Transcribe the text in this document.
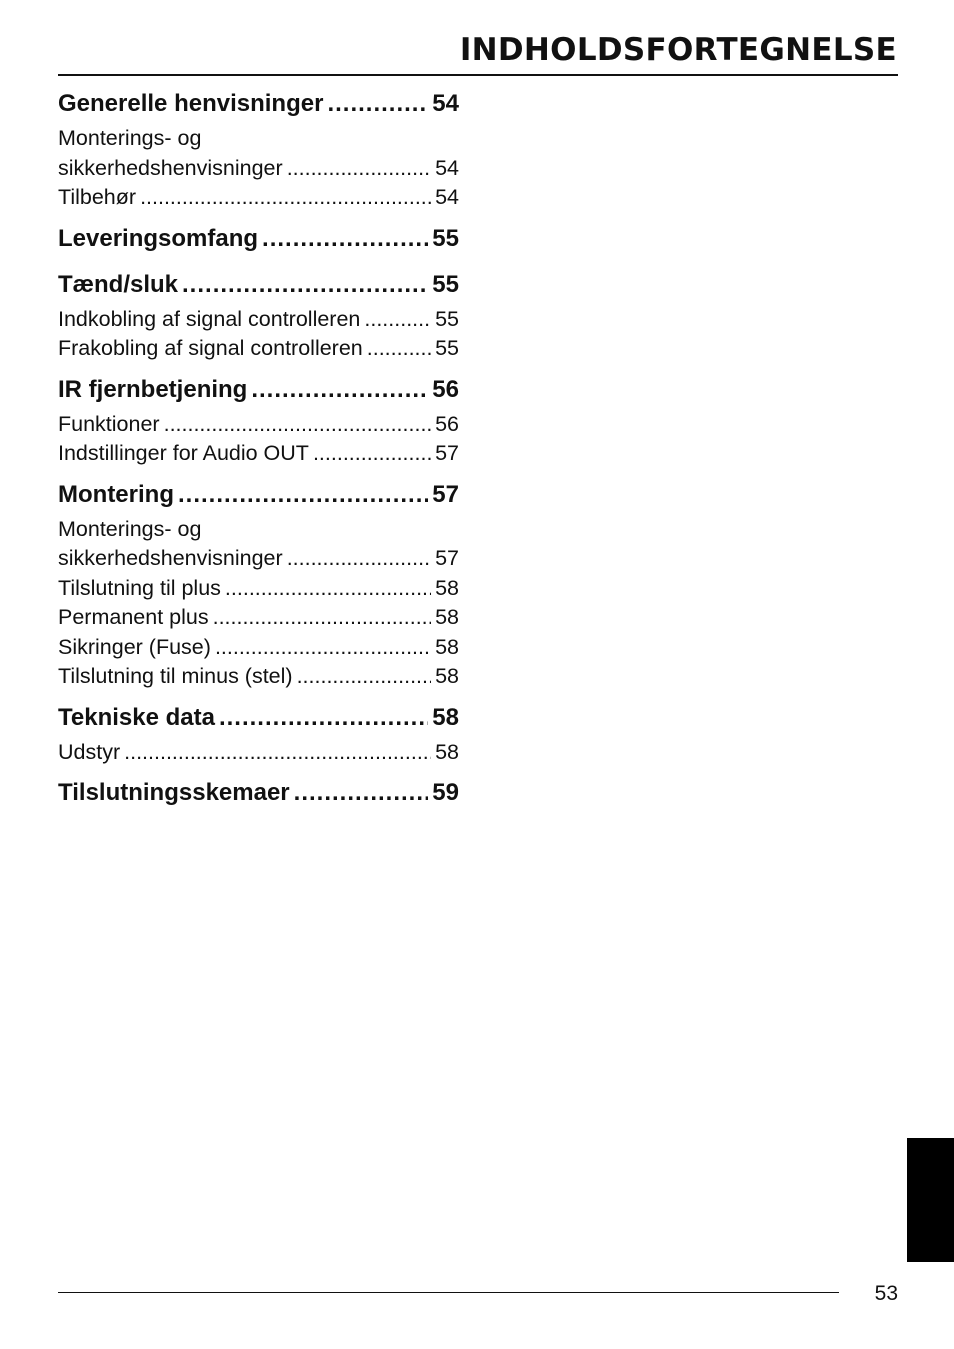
INDHOLDSFORTEGNELSE
Generelle henvisninger .....	54
Monterings- og
sikkerhedshenvisninger .....	54
Tilbehør .....	54
Leveringsomfang .....	55
Tænd/sluk .....	55
Indkobling af signal controlleren .....	55
Frakobling af signal controlleren .....	55
IR fjernbetjening .....	56
Funktioner .....	56
Indstillinger for Audio OUT .....	57
Montering .....	57
Monterings- og
sikkerhedshenvisninger .....	57
Tilslutning til plus .....	58
Permanent plus .....	58
Sikringer (Fuse) .....	58
Tilslutning til minus (stel) .....	58
Tekniske data .....	58
Udstyr .....	58
Tilslutningsskemaer .....	59
53
